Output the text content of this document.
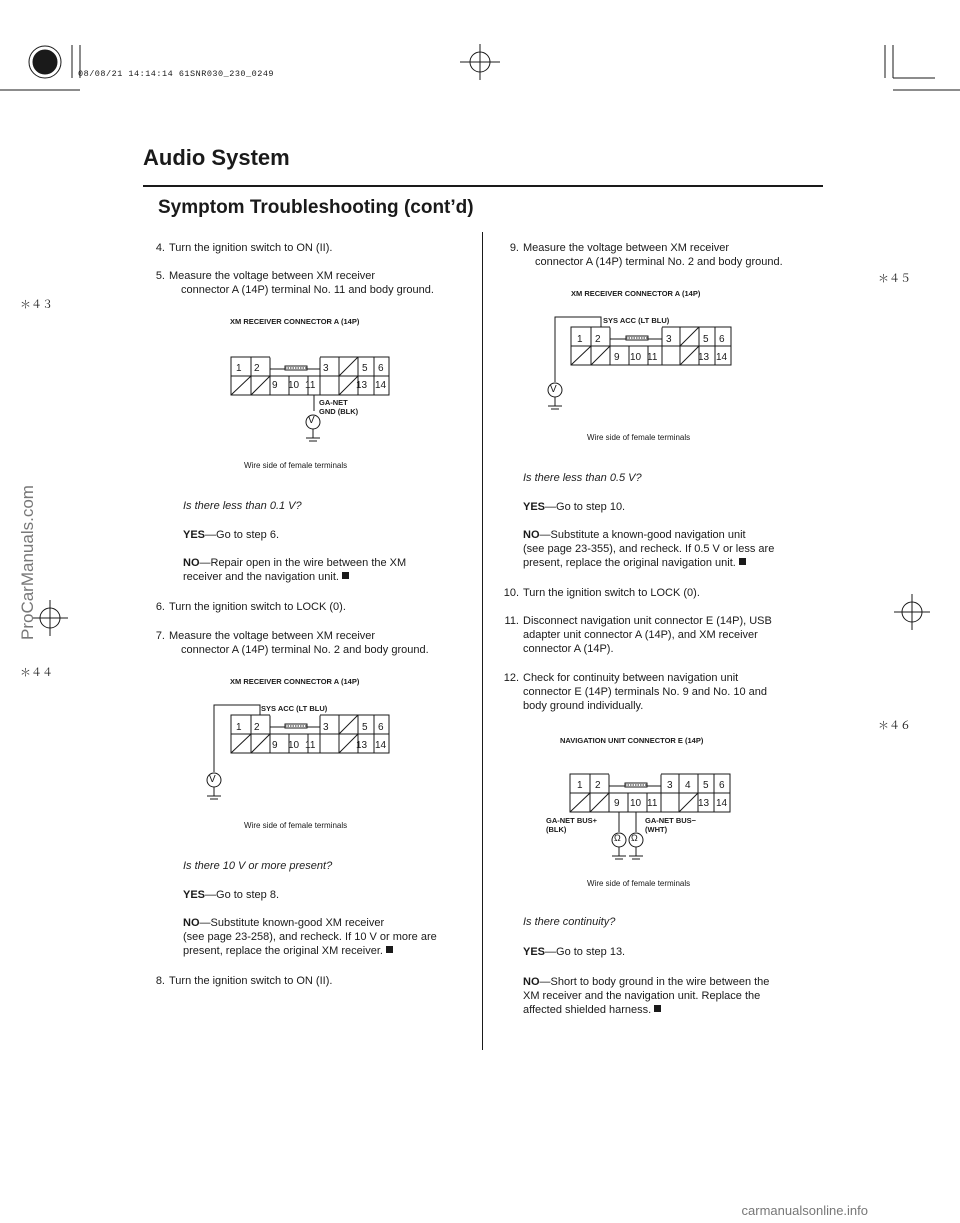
08/08/21 14:14:14 61SNR030_230_0249
Audio System
Symptom Troubleshooting (cont’d)
＊４３
＊４４
＊４５
＊４６
ProCarManuals.com
carmanualsonline.info
4. Turn the ignition switch to ON (II).
5. Measure the voltage between XM receiver
connector A (14P) terminal No. 11 and body ground.
XM RECEIVER CONNECTOR A (14P)
1 2	3	5 6
9 10 11	13 14
GA-NET
GND (BLK)
V
Wire side of female terminals
Is there less than 0.1 V?
YES—Go to step 6.
NO—Repair open in the wire between the XM
receiver and the navigation unit.
6. Turn the ignition switch to LOCK (0).
7. Measure the voltage between XM receiver
connector A (14P) terminal No. 2 and body ground.
XM RECEIVER CONNECTOR A (14P)
SYS ACC (LT BLU)
V
1 2	3	5 6
9 10 11	13 14
Wire side of female terminals
Is there 10 V or more present?
YES—Go to step 8.
NO—Substitute known-good XM receiver
(see page 23-258), and recheck. If 10 V or more are
present, replace the original XM receiver.
8. Turn the ignition switch to ON (II).
9. Measure the voltage between XM receiver
connector A (14P) terminal No. 2 and body ground.
XM RECEIVER CONNECTOR A (14P)
SYS ACC (LT BLU)
V
1 2	3	5 6
9 10 11	13 14
Wire side of female terminals
Is there less than 0.5 V?
YES—Go to step 10.
NO—Substitute a known-good navigation unit
(see page 23-355), and recheck. If 0.5 V or less are
present, replace the original navigation unit.
10. Turn the ignition switch to LOCK (0).
11. Disconnect navigation unit connector E (14P), USB
adapter unit connector A (14P), and XM receiver
connector A (14P).
12. Check for continuity between navigation unit
connector E (14P) terminals No. 9 and No. 10 and
body ground individually.
NAVIGATION UNIT CONNECTOR E (14P)
Ω Ω
1 2	3 4 5 6
9 10 11	13 14
GA-NET BUS+
(BLK)
GA-NET BUS−
(WHT)
Wire side of female terminals
Is there continuity?
YES—Go to step 13.
NO—Short to body ground in the wire between the
XM receiver and the navigation unit. Replace the
affected shielded harness.
